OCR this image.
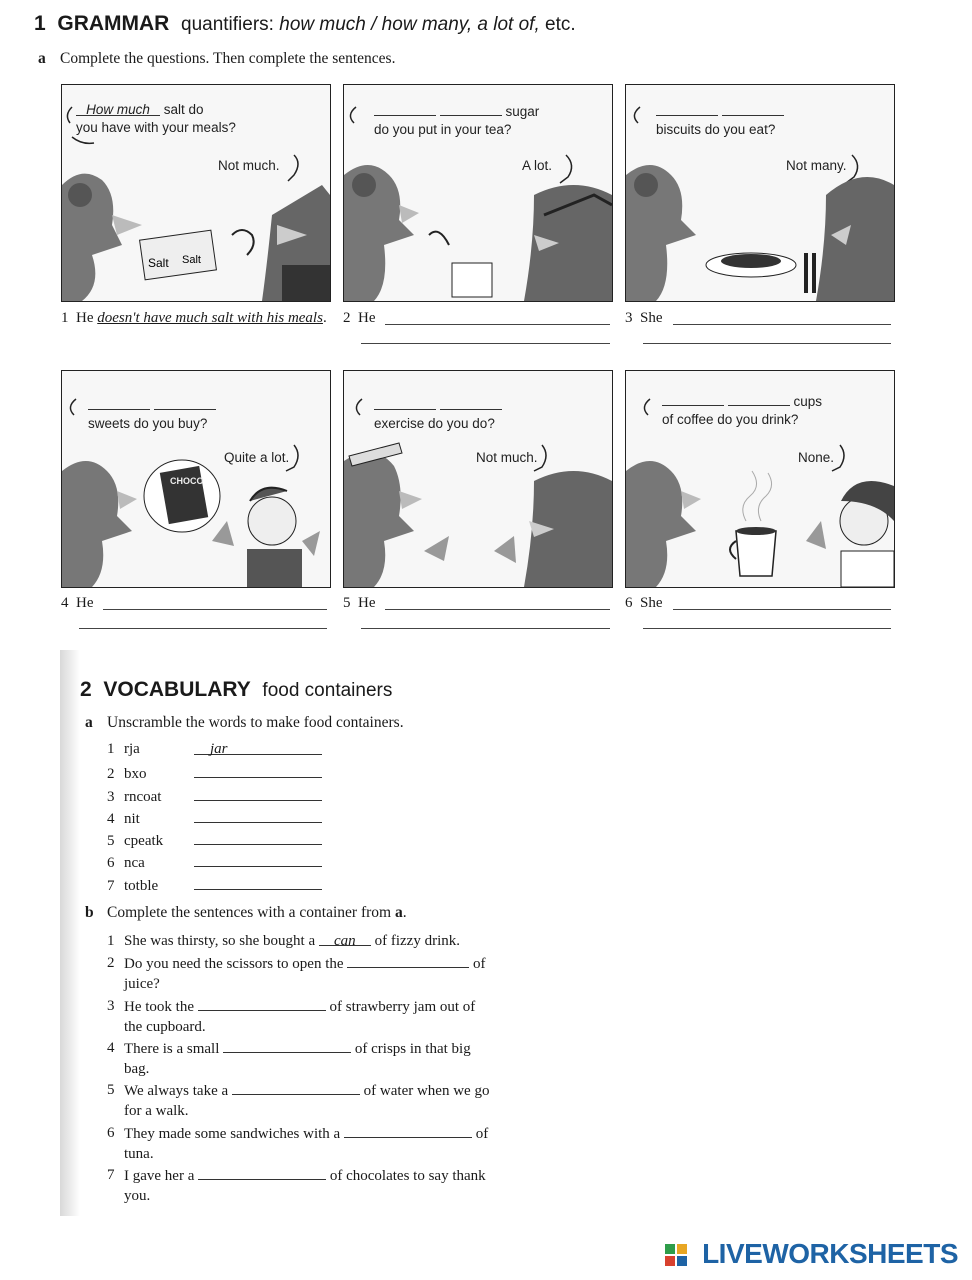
1 GRAMMAR quantifiers: how much / how many, a lot of, etc.
a Complete the questions. Then complete the sentences.
Salt Salt
How much salt do
you have with your meals?
Not much.
sugar
do you put in your tea?
A lot.

biscuits do you eat?
Not many.
1 He doesn't have much salt with his meals. 2 He	3 She
CHOCO

sweets do you buy?
Quite a lot.

exercise do you do?
Not much.
cups
of coffee do you drink?
None.
4 He	5 He	6 She
2 VOCABULARY food containers
a Unscramble the words to make food containers.
1 rja	jar
2 bxo
3 rncoat
4 nit
5 cpeatk
6 nca
7 totble
b Complete the sentences with a container from a.
1 She was thirsty, so she bought a can of fizzy drink.
2 Do you need the scissors to open the	of juice?
3 He took the	of strawberry jam out of the cupboard.
4 There is a small	of crisps in that big bag.
5 We always take a	of water when we go for a walk.
6 They made some sandwiches with a	of tuna.
7 I gave her a	of chocolates to say thank you.
LIVEWORKSHEETS
